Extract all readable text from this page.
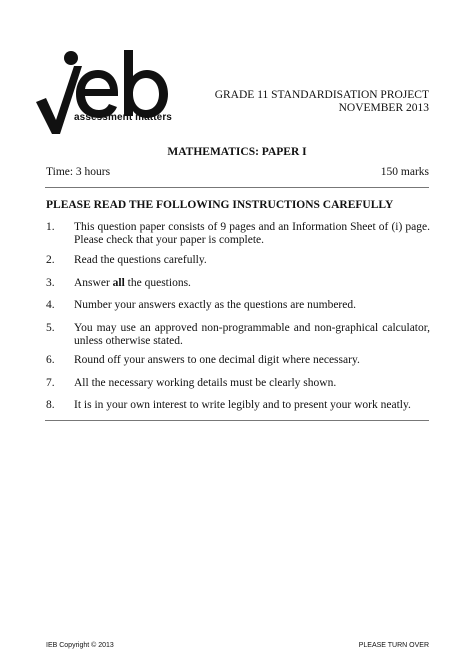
assessment matters
GRADE 11 STANDARDISATION PROJECT
NOVEMBER 2013
MATHEMATICS: PAPER I
Time: 3 hours	150 marks
PLEASE READ THE FOLLOWING INSTRUCTIONS CAREFULLY
1. This question paper consists of 9 pages and an Information Sheet of (i) page. Please check that your paper is complete.
2. Read the questions carefully.
3. Answer all the questions.
4. Number your answers exactly as the questions are numbered.
5. You may use an approved non-programmable and non-graphical calculator, unless otherwise stated.
6. Round off your answers to one decimal digit where necessary.
7. All the necessary working details must be clearly shown.
8. It is in your own interest to write legibly and to present your work neatly.
IEB Copyright © 2013	PLEASE TURN OVER
